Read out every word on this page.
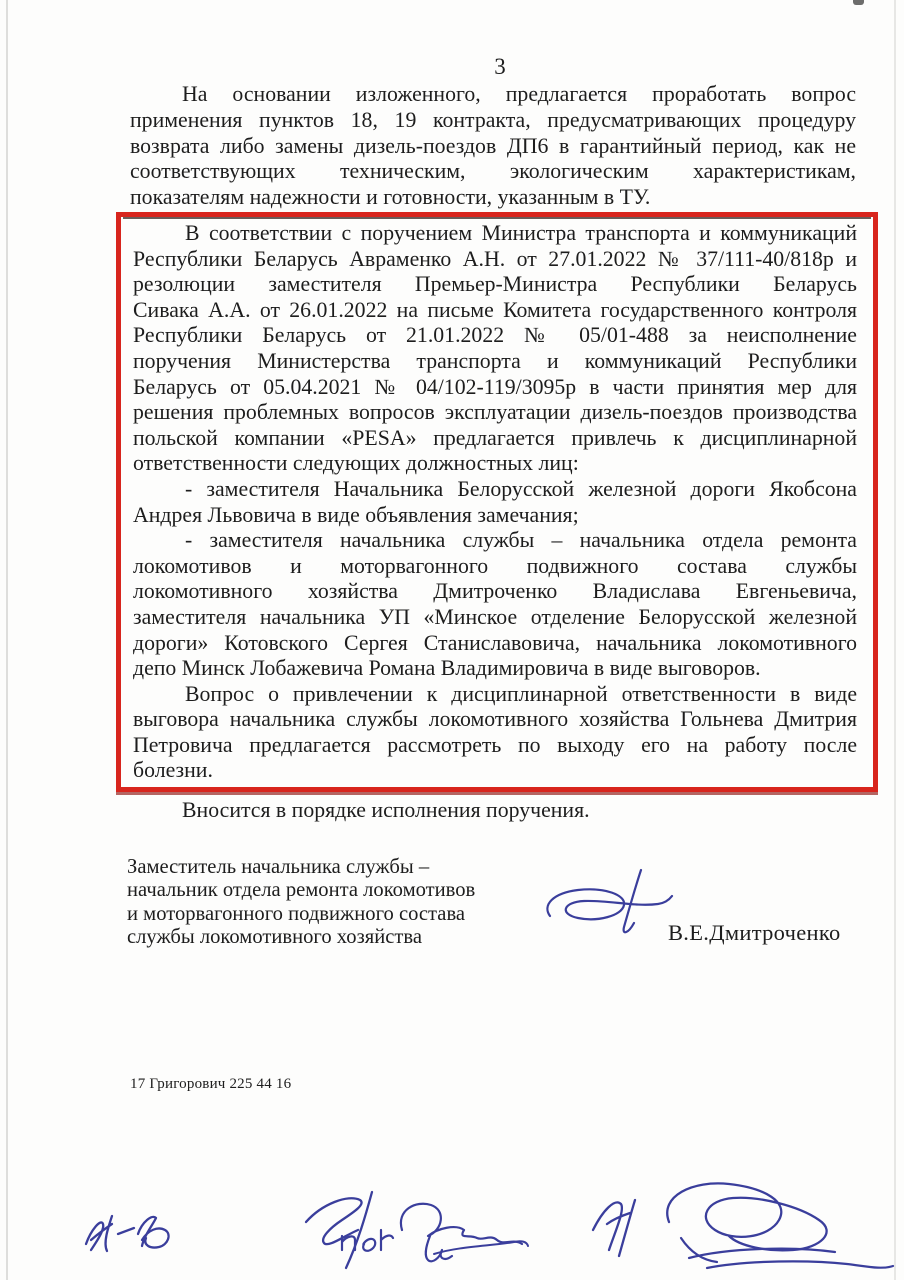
3
На основании изложенного, предлагается проработать вопрос
применения пунктов 18, 19 контракта, предусматривающих процедуру
возврата либо замены дизель-поездов ДП6 в гарантийный период, как не
соответствующих техническим, экологическим характеристикам,
показателям надежности и готовности, указанным в ТУ.
В соответствии с поручением Министра транспорта и коммуникаций
Республики Беларусь Авраменко А.Н. от 27.01.2022 № 37/111-40/818р и
резолюции заместителя Премьер-Министра Республики Беларусь
Сивака А.А. от 26.01.2022 на письме Комитета государственного контроля
Республики Беларусь от 21.01.2022 № 05/01-488 за неисполнение
поручения Министерства транспорта и коммуникаций Республики
Беларусь от 05.04.2021 № 04/102-119/3095р в части принятия мер для
решения проблемных вопросов эксплуатации дизель-поездов производства
польской компании «PESA» предлагается привлечь к дисциплинарной
ответственности следующих должностных лиц:
- заместителя Начальника Белорусской железной дороги Якобсона
Андрея Львовича в виде объявления замечания;
- заместителя начальника службы – начальника отдела ремонта
локомотивов и моторвагонного подвижного состава службы
локомотивного хозяйства Дмитроченко Владислава Евгеньевича,
заместителя начальника УП «Минское отделение Белорусской железной
дороги» Котовского Сергея Станиславовича, начальника локомотивного
депо Минск Лобажевича Романа Владимировича в виде выговоров.
Вопрос о привлечении к дисциплинарной ответственности в виде
выговора начальника службы локомотивного хозяйства Гольнева Дмитрия
Петровича предлагается рассмотреть по выходу его на работу после
болезни.
Вносится в порядке исполнения поручения.
Заместитель начальника службы –
начальник отдела ремонта локомотивов
и моторвагонного подвижного состава
службы локомотивного хозяйства	В.Е.Дмитроченко
17 Григорович 225 44 16
